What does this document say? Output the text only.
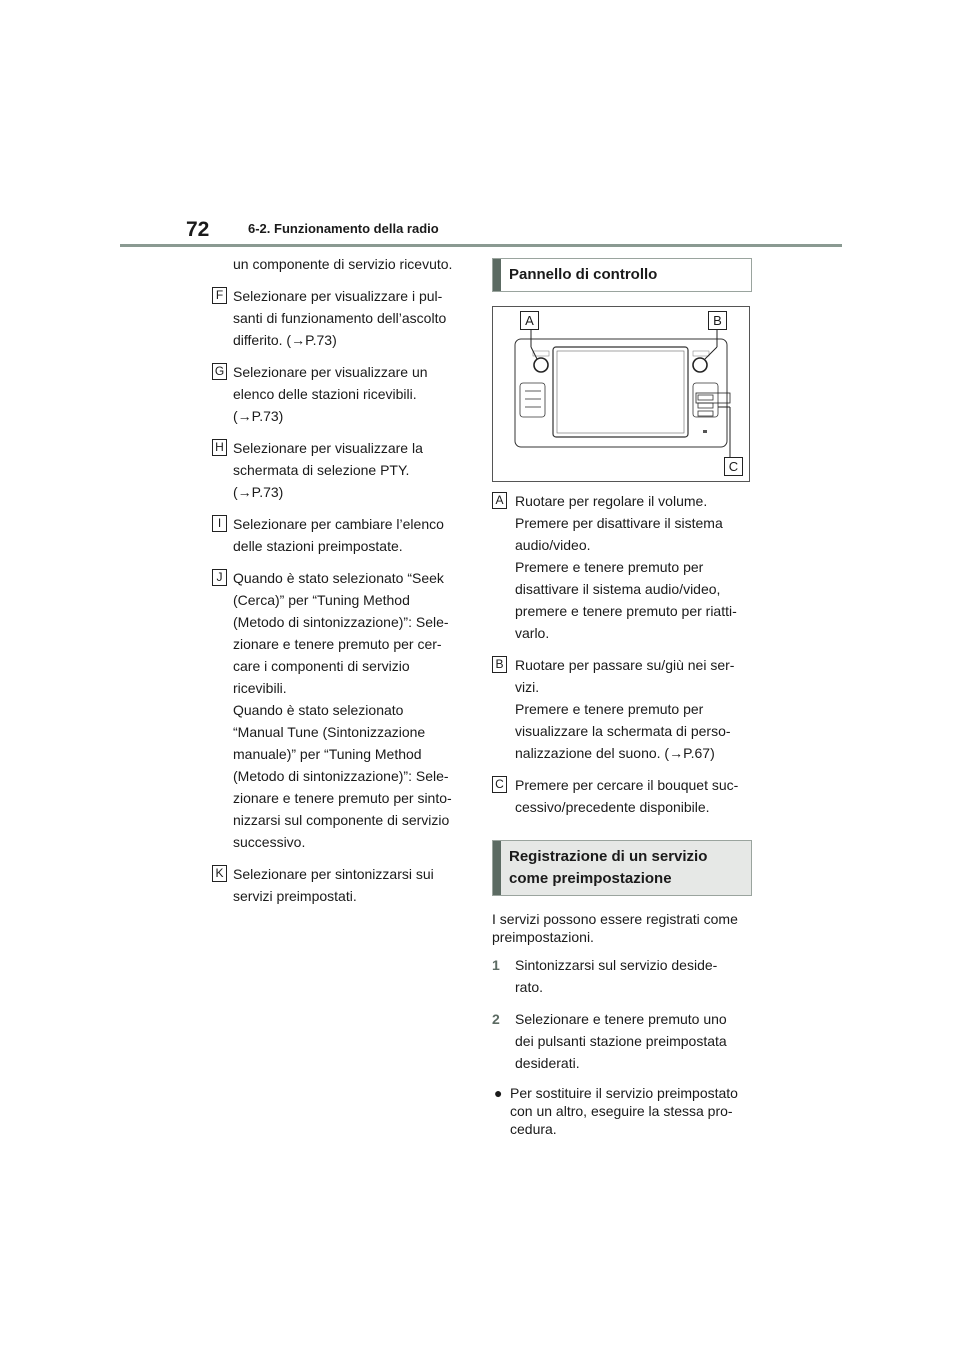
72	6-2. Funzionamento della radio
un componente di servizio ricevuto.
F Selezionare per visualizzare i pul-
santi di funzionamento dell’ascolto
differito. (→P.73)
G Selezionare per visualizzare un
elenco delle stazioni ricevibili.
(→P.73)
H Selezionare per visualizzare la
schermata di selezione PTY.
(→P.73)
I Selezionare per cambiare l’elenco
delle stazioni preimpostate.
J Quando è stato selezionato “Seek
(Cerca)” per “Tuning Method
(Metodo di sintonizzazione)”: Sele-
zionare e tenere premuto per cer-
care i componenti di servizio
ricevibili.
Quando è stato selezionato
“Manual Tune (Sintonizzazione
manuale)” per “Tuning Method
(Metodo di sintonizzazione)”: Sele-
zionare e tenere premuto per sinto-
nizzarsi sul componente di servizio
successivo.
K Selezionare per sintonizzarsi sui
servizi preimpostati.
Pannello di controllo
A	B
C
A Ruotare per regolare il volume.
Premere per disattivare il sistema
audio/video.
Premere e tenere premuto per
disattivare il sistema audio/video,
premere e tenere premuto per riatti-
varlo.
B Ruotare per passare su/giù nei ser-
vizi.
Premere e tenere premuto per
visualizzare la schermata di perso-
nalizzazione del suono. (→P.67)
C Premere per cercare il bouquet suc-
cessivo/precedente disponibile.
Registrazione di un servizio
come preimpostazione
I servizi possono essere registrati come
preimpostazioni.
1 Sintonizzarsi sul servizio deside-
rato.
2 Selezionare e tenere premuto uno
dei pulsanti stazione preimpostata
desiderati.
● Per sostituire il servizio preimpostato
con un altro, eseguire la stessa pro-
cedura.
